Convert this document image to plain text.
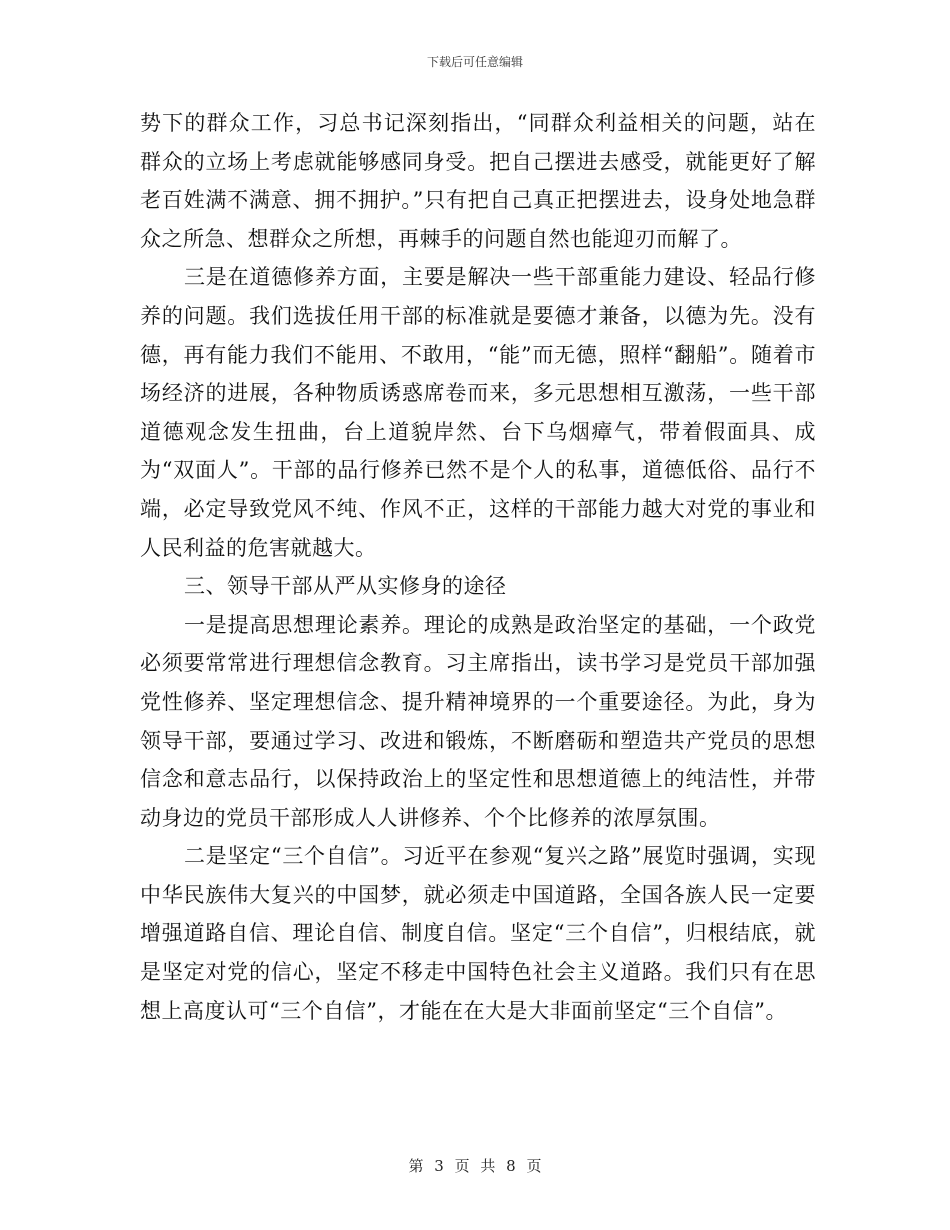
下载后可任意编辑

势下的群众工作，习总书记深刻指出，“同群众利益相关的问题，站在群众的立场上考虑就能够感同身受。把自己摆进去感受，就能更好了解老百姓满不满意、拥不拥护。”只有把自己真正把摆进去，设身处地急群众之所急、想群众之所想，再棘手的问题自然也能迎刃而解了。

三是在道德修养方面，主要是解决一些干部重能力建设、轻品行修养的问题。我们选拔任用干部的标准就是要德才兼备，以德为先。没有德，再有能力我们不能用、不敢用，“能”而无德，照样“翻船”。随着市场经济的进展，各种物质诱惑席卷而来，多元思想相互激荡，一些干部道德观念发生扭曲，台上道貌岸然、台下乌烟瘴气，带着假面具、成为“双面人”。干部的品行修养已然不是个人的私事，道德低俗、品行不端，必定导致党风不纯、作风不正，这样的干部能力越大对党的事业和人民利益的危害就越大。

三、领导干部从严从实修身的途径

一是提高思想理论素养。理论的成熟是政治坚定的基础，一个政党必须要常常进行理想信念教育。习主席指出，读书学习是党员干部加强党性修养、坚定理想信念、提升精神境界的一个重要途径。为此，身为领导干部，要通过学习、改进和锻炼，不断磨砺和塑造共产党员的思想信念和意志品行，以保持政治上的坚定性和思想道德上的纯洁性，并带动身边的党员干部形成人人讲修养、个个比修养的浓厚氛围。

二是坚定“三个自信”。习近平在参观“复兴之路”展览时强调，实现中华民族伟大复兴的中国梦，就必须走中国道路，全国各族人民一定要增强道路自信、理论自信、制度自信。坚定“三个自信”，归根结底，就是坚定对党的信心，坚定不移走中国特色社会主义道路。我们只有在思想上高度认可“三个自信”，才能在在大是大非面前坚定“三个自信”。

第 3 页 共 8 页
